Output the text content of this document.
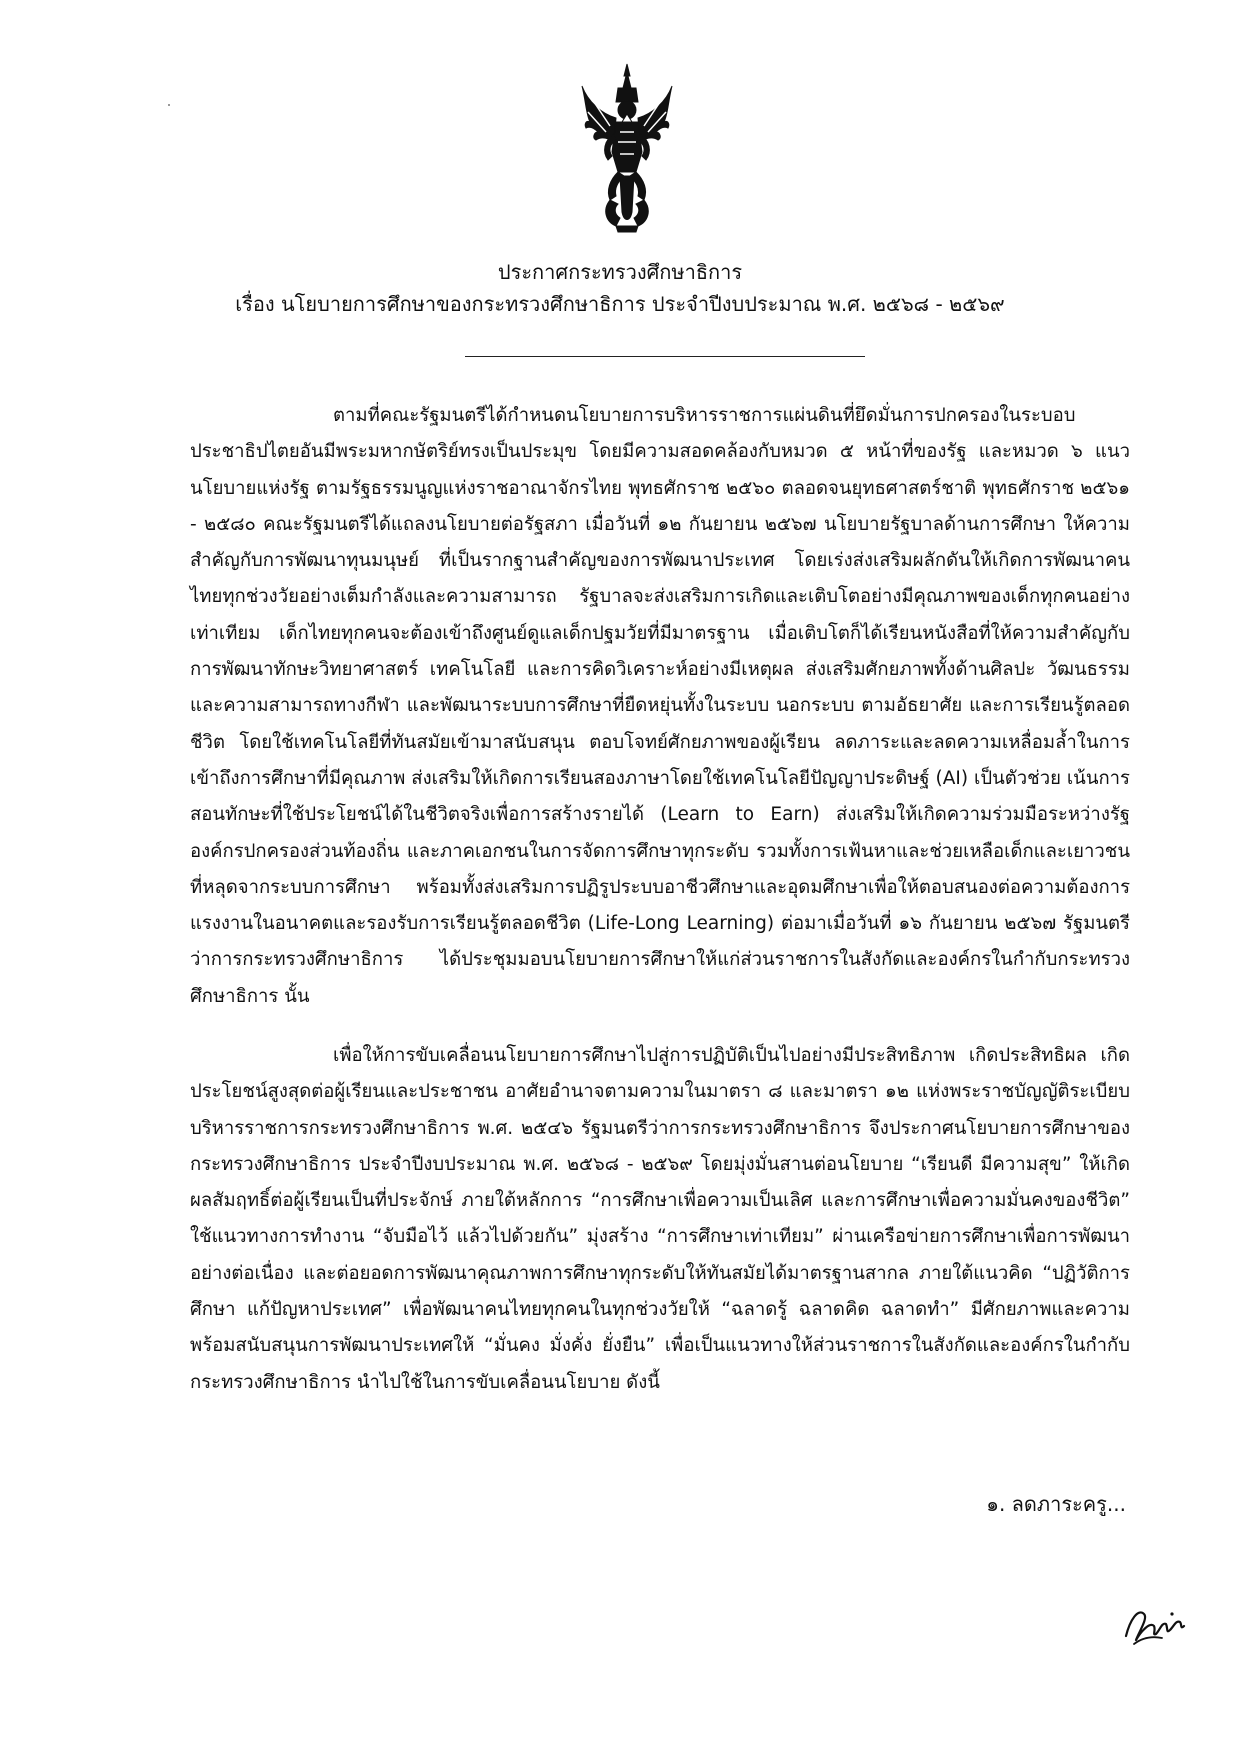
ประกาศกระทรวงศึกษาธิการ
เรื่อง นโยบายการศึกษาของกระทรวงศึกษาธิการ ประจำปีงบประมาณ พ.ศ. ๒๕๖๘ - ๒๕๖๙

ตามที่คณะรัฐมนตรีได้กำหนดนโยบายการบริหารราชการแผ่นดินที่ยึดมั่นการปกครองในระบอบประชาธิปไตยอันมีพระมหากษัตริย์ทรงเป็นประมุข โดยมีความสอดคล้องกับหมวด ๕ หน้าที่ของรัฐ และหมวด ๖ แนวนโยบายแห่งรัฐ ตามรัฐธรรมนูญแห่งราชอาณาจักรไทย พุทธศักราช ๒๕๖๐ ตลอดจนยุทธศาสตร์ชาติ พุทธศักราช ๒๕๖๑ - ๒๕๘๐ คณะรัฐมนตรีได้แถลงนโยบายต่อรัฐสภา เมื่อวันที่ ๑๒ กันยายน ๒๕๖๗ นโยบายรัฐบาลด้านการศึกษา ให้ความสำคัญกับการพัฒนาทุนมนุษย์ ที่เป็นรากฐานสำคัญของการพัฒนาประเทศ โดยเร่งส่งเสริมผลักดันให้เกิดการพัฒนาคนไทยทุกช่วงวัยอย่างเต็มกำลังและความสามารถ รัฐบาลจะส่งเสริมการเกิดและเติบโตอย่างมีคุณภาพของเด็กทุกคนอย่างเท่าเทียม เด็กไทยทุกคนจะต้องเข้าถึงศูนย์ดูแลเด็กปฐมวัยที่มีมาตรฐาน เมื่อเติบโตก็ได้เรียนหนังสือที่ให้ความสำคัญกับการพัฒนาทักษะวิทยาศาสตร์ เทคโนโลยี และการคิดวิเคราะห์อย่างมีเหตุผล ส่งเสริมศักยภาพทั้งด้านศิลปะ วัฒนธรรม และความสามารถทางกีฬา และพัฒนาระบบการศึกษาที่ยืดหยุ่นทั้งในระบบ นอกระบบ ตามอัธยาศัย และการเรียนรู้ตลอดชีวิต โดยใช้เทคโนโลยีที่ทันสมัยเข้ามาสนับสนุน ตอบโจทย์ศักยภาพของผู้เรียน ลดภาระและลดความเหลื่อมล้ำในการเข้าถึงการศึกษาที่มีคุณภาพ ส่งเสริมให้เกิดการเรียนสองภาษาโดยใช้เทคโนโลยีปัญญาประดิษฐ์ (AI) เป็นตัวช่วย เน้นการสอนทักษะที่ใช้ประโยชน์ได้ในชีวิตจริงเพื่อการสร้างรายได้ (Learn to Earn) ส่งเสริมให้เกิดความร่วมมือระหว่างรัฐ องค์กรปกครองส่วนท้องถิ่น และภาคเอกชนในการจัดการศึกษาทุกระดับ รวมทั้งการเฟ้นหาและช่วยเหลือเด็กและเยาวชนที่หลุดจากระบบการศึกษา พร้อมทั้งส่งเสริมการปฏิรูประบบอาชีวศึกษาและอุดมศึกษาเพื่อให้ตอบสนองต่อความต้องการแรงงานในอนาคตและรองรับการเรียนรู้ตลอดชีวิต (Life-Long Learning) ต่อมาเมื่อวันที่ ๑๖ กันยายน ๒๕๖๗ รัฐมนตรีว่าการกระทรวงศึกษาธิการ ได้ประชุมมอบนโยบายการศึกษาให้แก่ส่วนราชการในสังกัดและองค์กรในกำกับกระทรวงศึกษาธิการ นั้น

เพื่อให้การขับเคลื่อนนโยบายการศึกษาไปสู่การปฏิบัติเป็นไปอย่างมีประสิทธิภาพ เกิดประสิทธิผล เกิดประโยชน์สูงสุดต่อผู้เรียนและประชาชน อาศัยอำนาจตามความในมาตรา ๘ และมาตรา ๑๒ แห่งพระราชบัญญัติระเบียบบริหารราชการกระทรวงศึกษาธิการ พ.ศ. ๒๕๔๖ รัฐมนตรีว่าการกระทรวงศึกษาธิการ จึงประกาศนโยบายการศึกษาของกระทรวงศึกษาธิการ ประจำปีงบประมาณ พ.ศ. ๒๕๖๘ - ๒๕๖๙ โดยมุ่งมั่นสานต่อนโยบาย “เรียนดี มีความสุข” ให้เกิดผลสัมฤทธิ์ต่อผู้เรียนเป็นที่ประจักษ์ ภายใต้หลักการ “การศึกษาเพื่อความเป็นเลิศ และการศึกษาเพื่อความมั่นคงของชีวิต” ใช้แนวทางการทำงาน “จับมือไว้ แล้วไปด้วยกัน” มุ่งสร้าง “การศึกษาเท่าเทียม” ผ่านเครือข่ายการศึกษาเพื่อการพัฒนาอย่างต่อเนื่อง และต่อยอดการพัฒนาคุณภาพการศึกษาทุกระดับให้ทันสมัยได้มาตรฐานสากล ภายใต้แนวคิด “ปฏิวัติการศึกษา แก้ปัญหาประเทศ” เพื่อพัฒนาคนไทยทุกคนในทุกช่วงวัยให้ “ฉลาดรู้ ฉลาดคิด ฉลาดทำ” มีศักยภาพและความพร้อมสนับสนุนการพัฒนาประเทศให้ “มั่นคง มั่งคั่ง ยั่งยืน” เพื่อเป็นแนวทางให้ส่วนราชการในสังกัดและองค์กรในกำกับกระทรวงศึกษาธิการ นำไปใช้ในการขับเคลื่อนนโยบาย ดังนี้

๑. ลดภาระครู...
